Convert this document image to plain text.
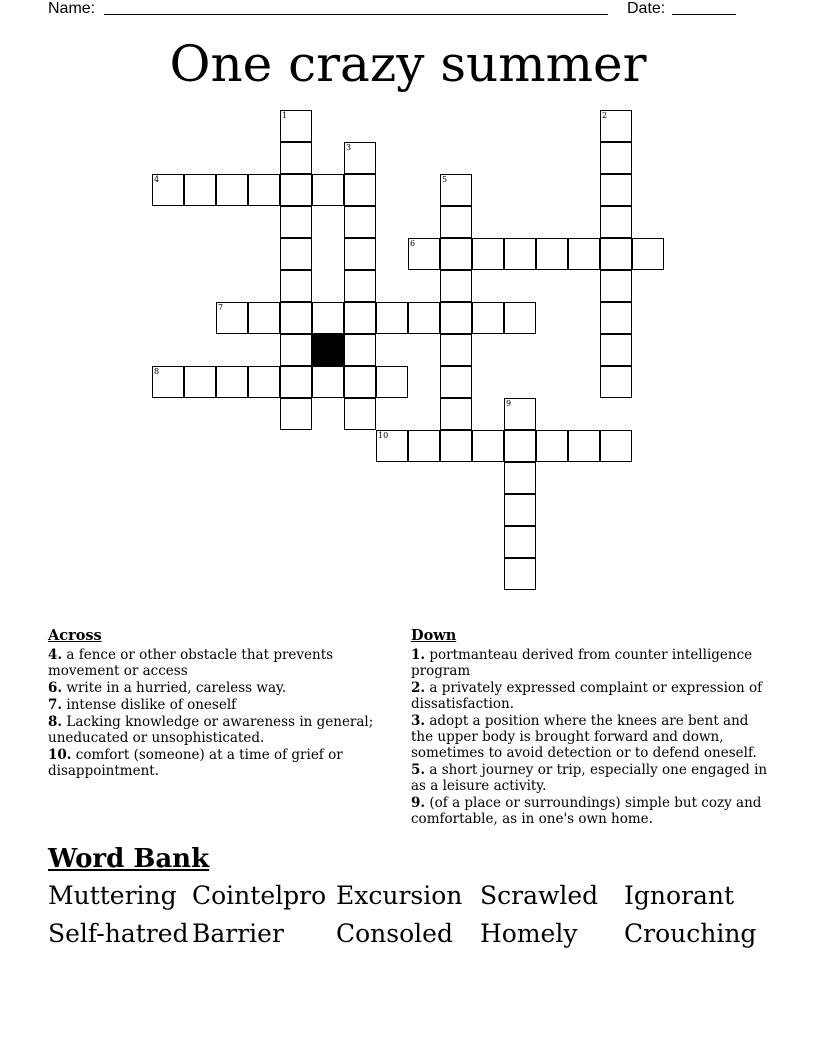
Name:	Date:
One crazy summer
1	2
3
4	5
6
7
8
9
10
Across
4. a fence or other obstacle that prevents movement or access
6. write in a hurried, careless way.
7. intense dislike of oneself
8. Lacking knowledge or awareness in general; uneducated or unsophisticated.
10. comfort (someone) at a time of grief or disappointment.
Down
1. portmanteau derived from counter intelligence program
2. a privately expressed complaint or expression of dissatisfaction.
3. adopt a position where the knees are bent and the upper body is brought forward and down, sometimes to avoid detection or to defend oneself.
5. a short journey or trip, especially one engaged in as a leisure activity.
9. (of a place or surroundings) simple but cozy and comfortable, as in one's own home.
Word Bank
Muttering Cointelpro Excursion Scrawled	Ignorant
Self-hatred Barrier	Consoled	Homely	Crouching
